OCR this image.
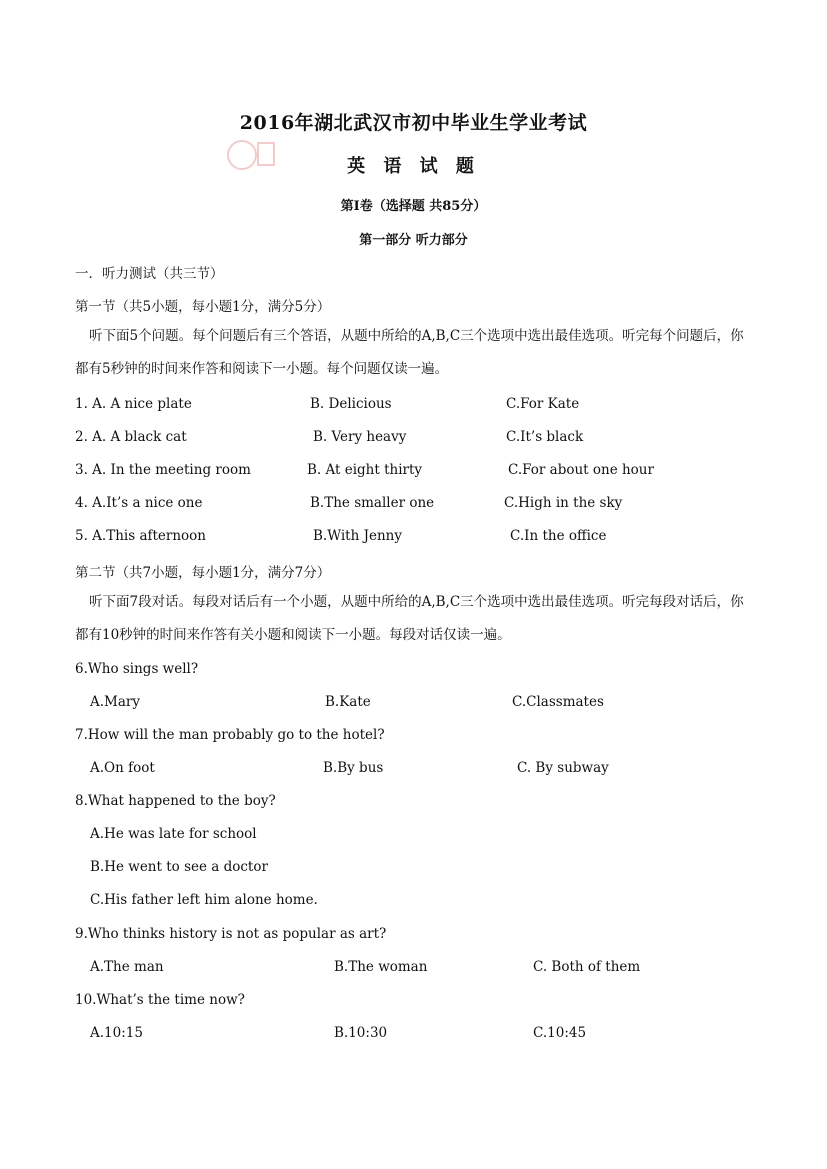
2016年湖北武汉市初中毕业生学业考试
英 语 试 题
第Ⅰ卷（选择题 共85分）
第一部分 听力部分
一．听力测试（共三节）
第一节（共5小题，每小题1分，满分5分）
听下面5个问题。每个问题后有三个答语，从题中所给的A,B,C三个选项中选出最佳选项。听完每个问题后，你都有5秒钟的时间来作答和阅读下一小题。每个问题仅读一遍。
1. A. A nice plate	B. Delicious	C.For Kate
2. A. A black cat	B. Very heavy	C.It’s black
3. A. In the meeting room	B. At eight thirty	C.For about one hour
4. A.It’s a nice one	B.The smaller one	C.High in the sky
5. A.This afternoon	B.With Jenny	C.In the office
第二节（共7小题，每小题1分，满分7分）
听下面7段对话。每段对话后有一个小题，从题中所给的A,B,C三个选项中选出最佳选项。听完每段对话后，你都有10秒钟的时间来作答有关小题和阅读下一小题。每段对话仅读一遍。
6.Who sings well?
A.Mary	B.Kate	C.Classmates
7.How will the man probably go to the hotel?
A.On foot	B.By bus	C. By subway
8.What happened to the boy?
A.He was late for school
B.He went to see a doctor
C.His father left him alone home.
9.Who thinks history is not as popular as art?
A.The man	B.The woman	C. Both of them
10.What’s the time now?
A.10:15	B.10:30	C.10:45
